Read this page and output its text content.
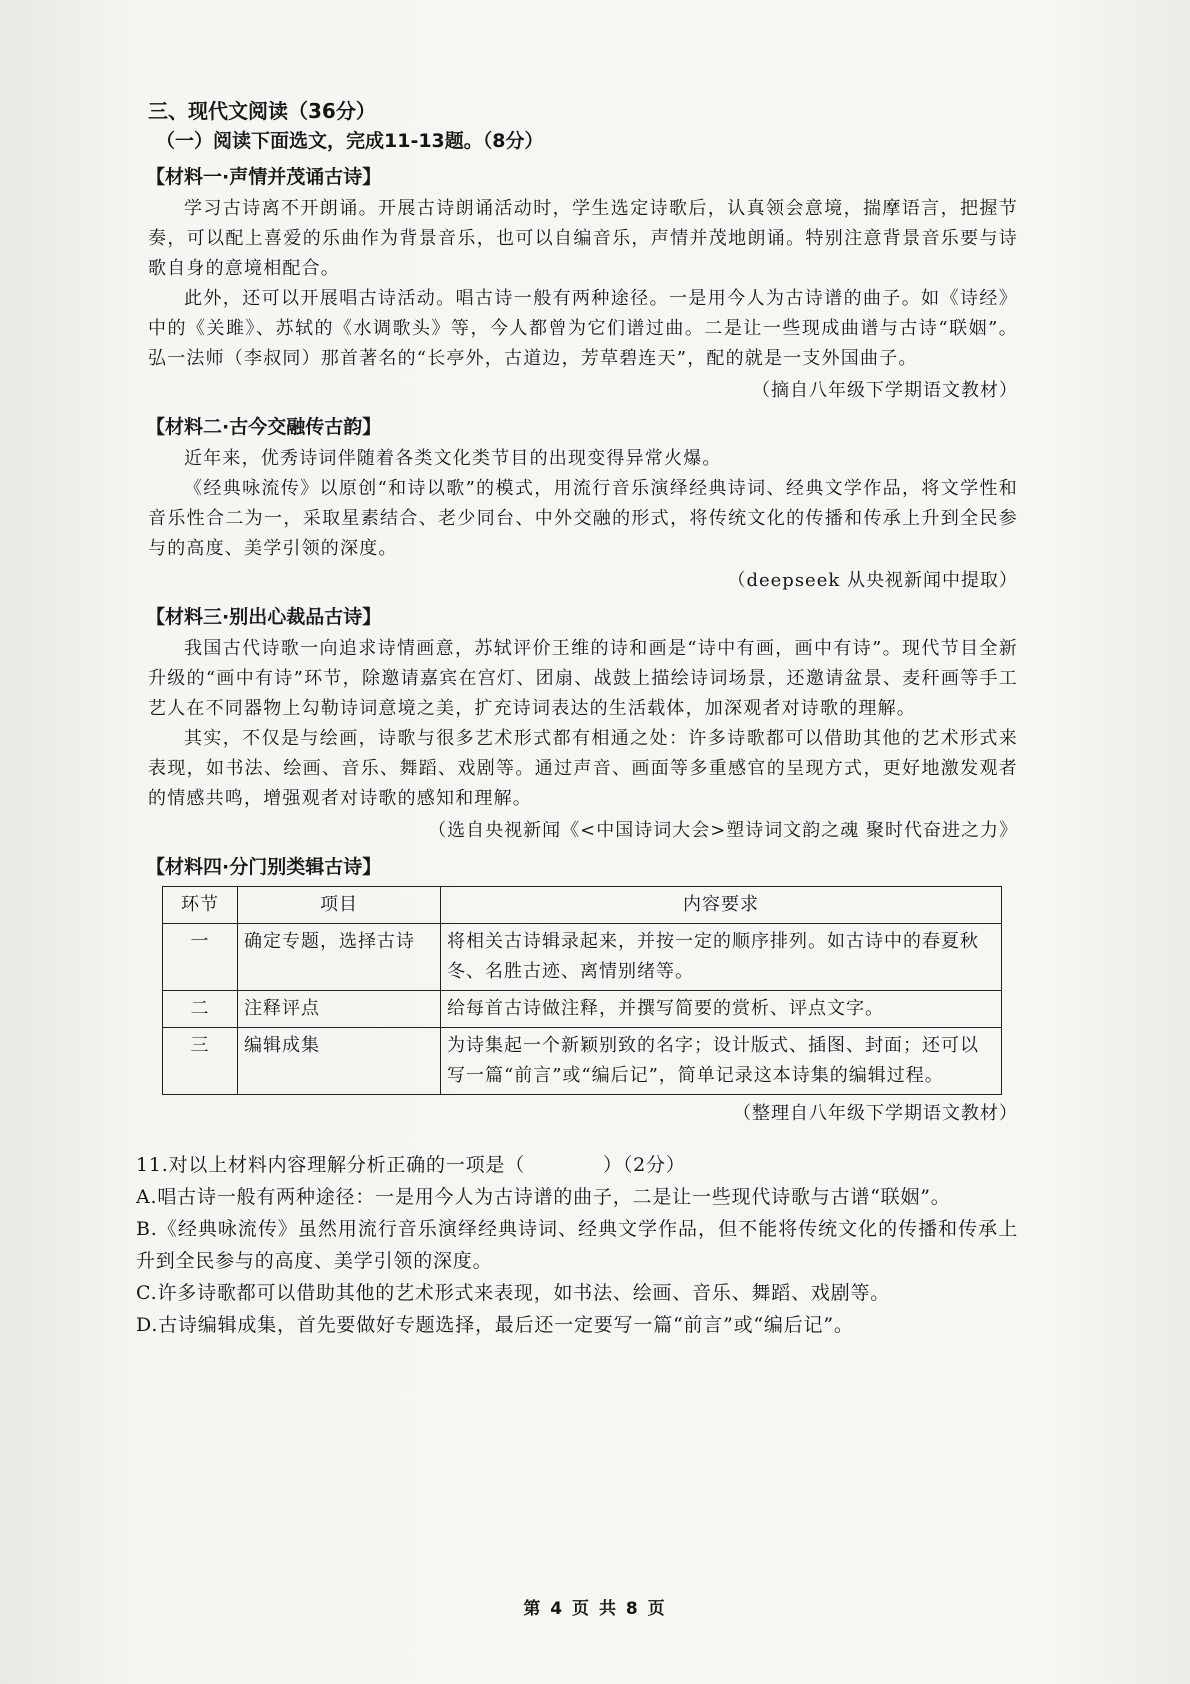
三、现代文阅读（36分）

（一）阅读下面选文，完成11-13题。（8分）

【材料一·声情并茂诵古诗】

学习古诗离不开朗诵。开展古诗朗诵活动时，学生选定诗歌后，认真领会意境，揣摩语言，把握节奏，可以配上喜爱的乐曲作为背景音乐，也可以自编音乐，声情并茂地朗诵。特别注意背景音乐要与诗歌自身的意境相配合。

此外，还可以开展唱古诗活动。唱古诗一般有两种途径。一是用今人为古诗谱的曲子。如《诗经》中的《关雎》、苏轼的《水调歌头》等，今人都曾为它们谱过曲。二是让一些现成曲谱与古诗“联姻”。弘一法师（李叔同）那首著名的“长亭外，古道边，芳草碧连天”，配的就是一支外国曲子。

（摘自八年级下学期语文教材）

【材料二·古今交融传古韵】

近年来，优秀诗词伴随着各类文化类节目的出现变得异常火爆。

《经典咏流传》以原创“和诗以歌”的模式，用流行音乐演绎经典诗词、经典文学作品，将文学性和音乐性合二为一，采取星素结合、老少同台、中外交融的形式，将传统文化的传播和传承上升到全民参与的高度、美学引领的深度。

（deepseek 从央视新闻中提取）

【材料三·别出心裁品古诗】

我国古代诗歌一向追求诗情画意，苏轼评价王维的诗和画是“诗中有画，画中有诗”。现代节目全新升级的“画中有诗”环节，除邀请嘉宾在宫灯、团扇、战鼓上描绘诗词场景，还邀请盆景、麦秆画等手工艺人在不同器物上勾勒诗词意境之美，扩充诗词表达的生活载体，加深观者对诗歌的理解。

其实，不仅是与绘画，诗歌与很多艺术形式都有相通之处：许多诗歌都可以借助其他的艺术形式来表现，如书法、绘画、音乐、舞蹈、戏剧等。通过声音、画面等多重感官的呈现方式，更好地激发观者的情感共鸣，增强观者对诗歌的感知和理解。

（选自央视新闻《<中国诗词大会>塑诗词文韵之魂 聚时代奋进之力》

【材料四·分门别类辑古诗】

环节	项目	内容要求
一	确定专题，选择古诗	将相关古诗辑录起来，并按一定的顺序排列。如古诗中的春夏秋冬、名胜古迹、离情别绪等。
二	注释评点	给每首古诗做注释，并撰写简要的赏析、评点文字。
三	编辑成集	为诗集起一个新颖别致的名字；设计版式、插图、封面；还可以写一篇“前言”或“编后记”，简单记录这本诗集的编辑过程。

（整理自八年级下学期语文教材）

11.对以上材料内容理解分析正确的一项是（	）（2分）

A.唱古诗一般有两种途径：一是用今人为古诗谱的曲子，二是让一些现代诗歌与古谱“联姻”。

B.《经典咏流传》虽然用流行音乐演绎经典诗词、经典文学作品，但不能将传统文化的传播和传承上升到全民参与的高度、美学引领的深度。

C.许多诗歌都可以借助其他的艺术形式来表现，如书法、绘画、音乐、舞蹈、戏剧等。

D.古诗编辑成集，首先要做好专题选择，最后还一定要写一篇“前言”或“编后记”。

第 4 页 共 8 页
